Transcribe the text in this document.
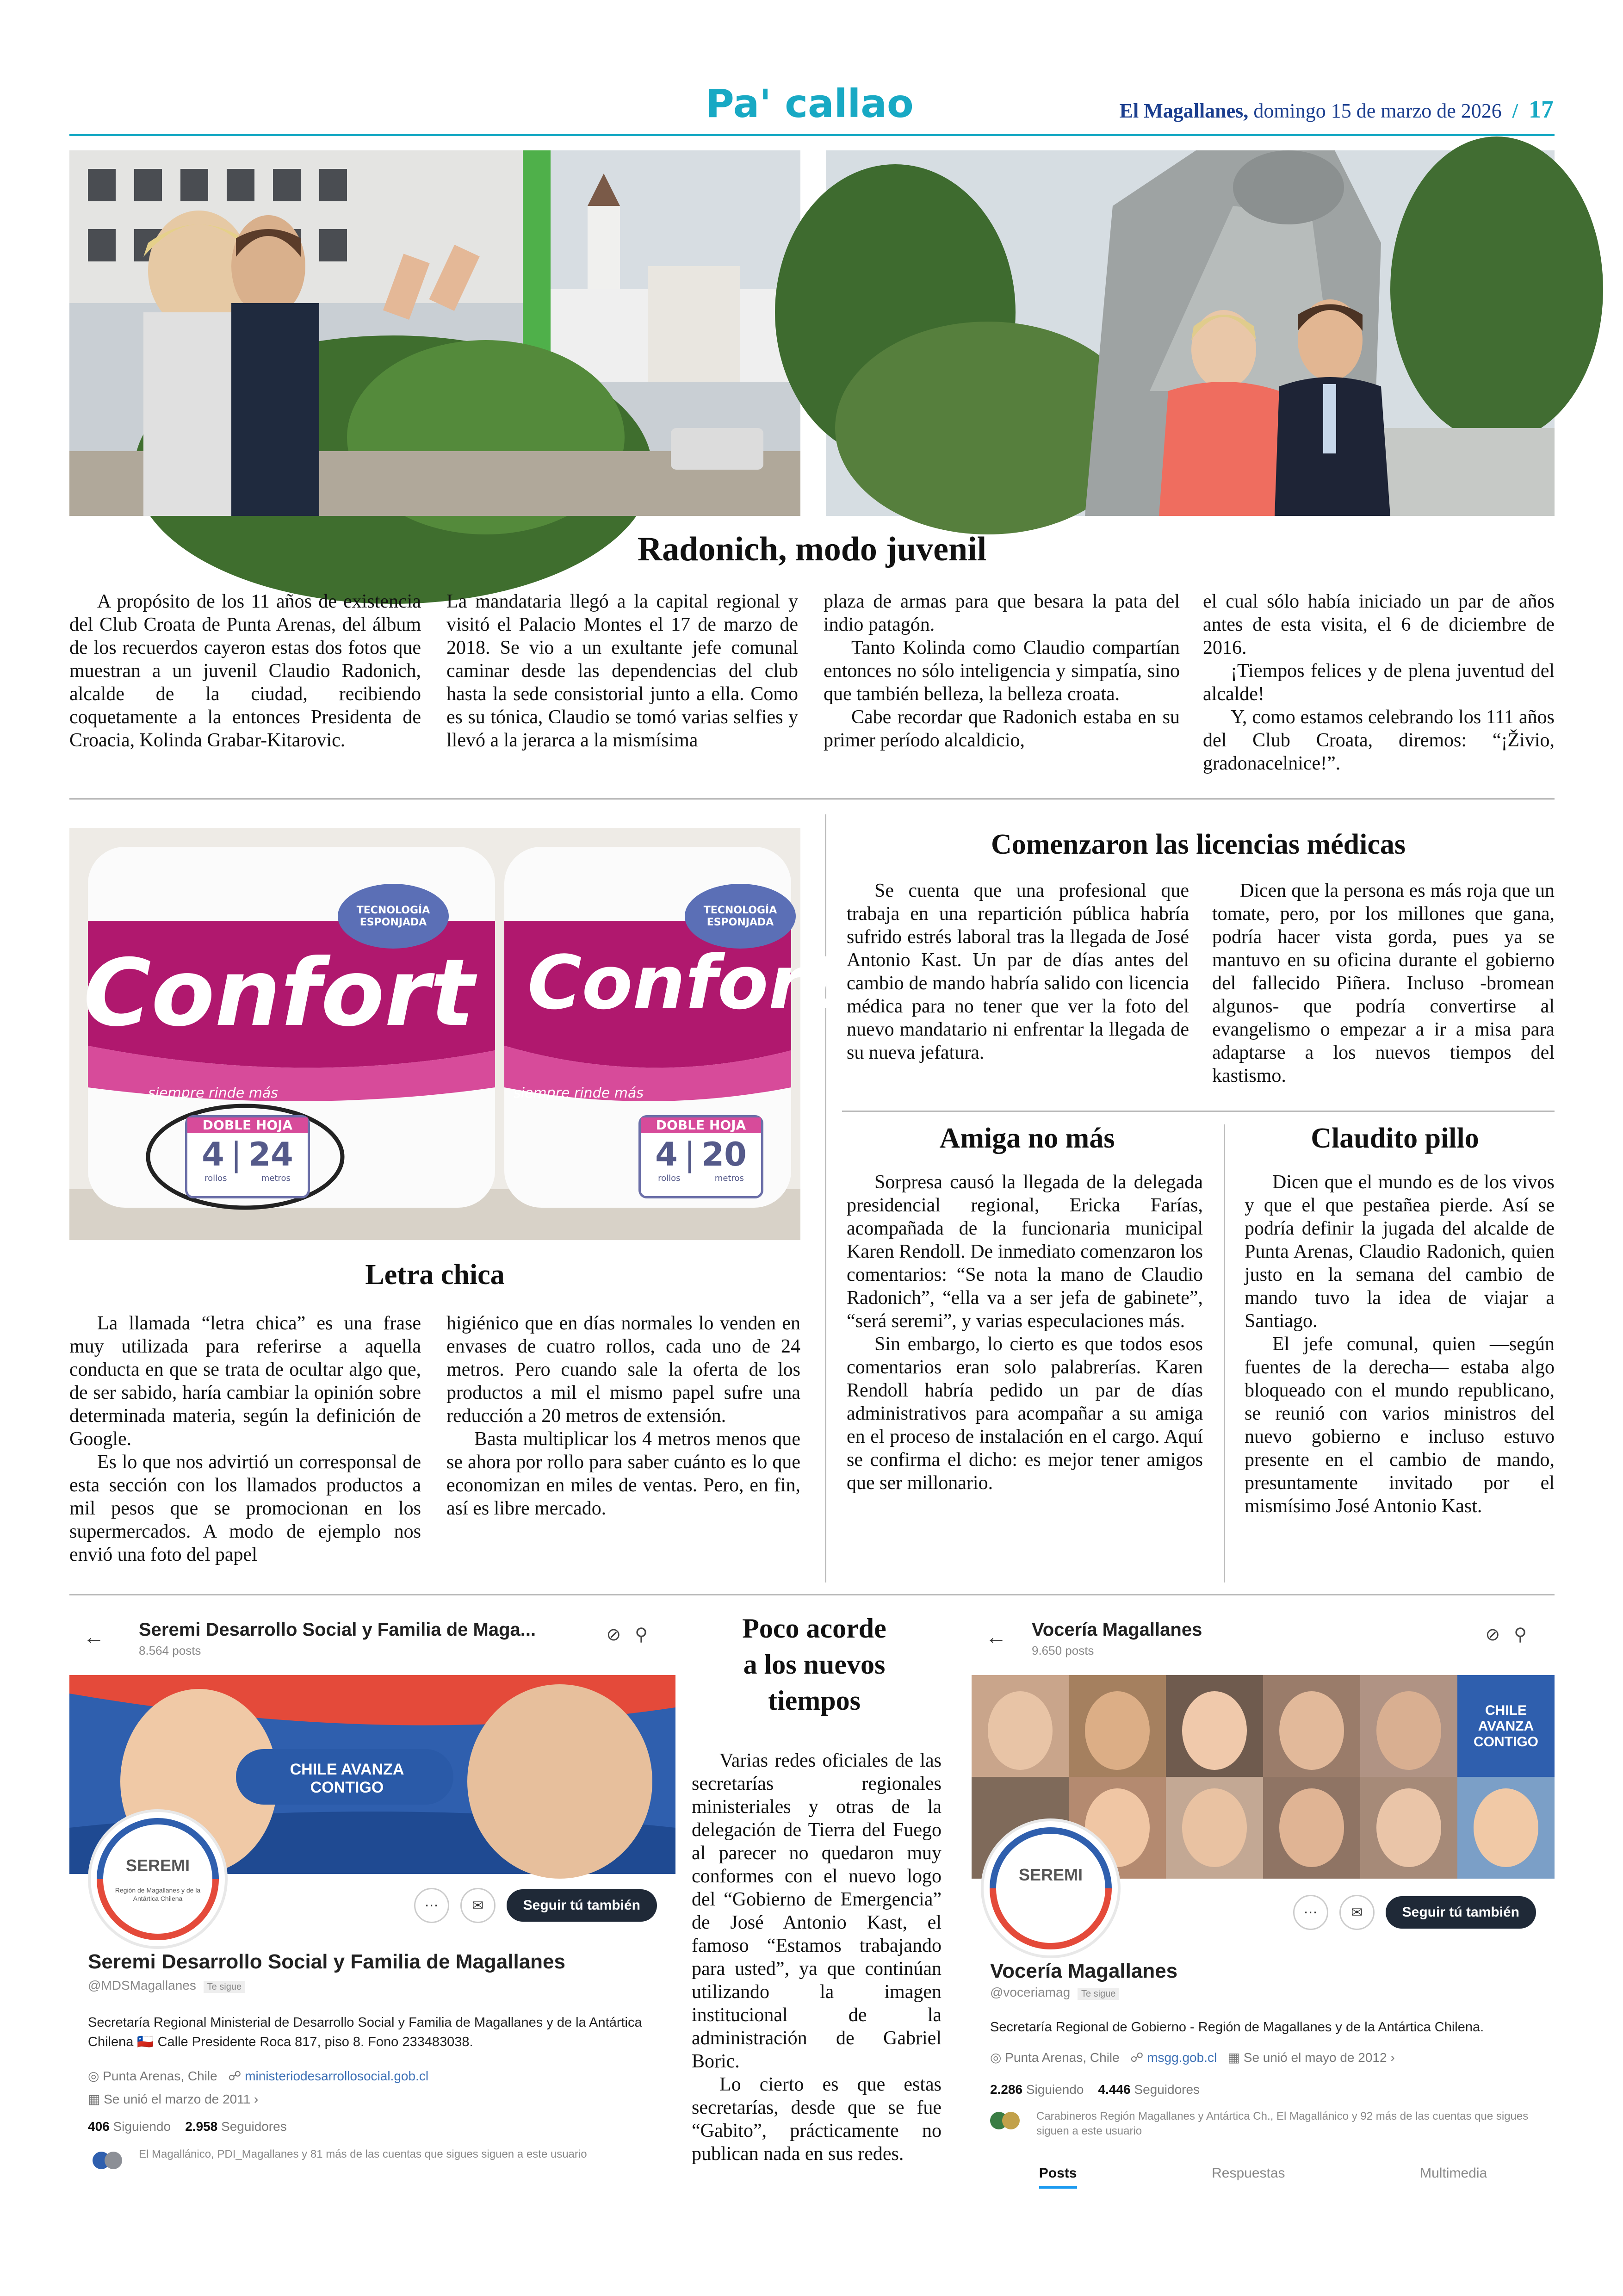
Pa' callao	El Magallanes, domingo 15 de marzo de 2026 / 17
Radonich, modo juvenil

A propósito de los 11 años de existencia del Club Croata de Punta Arenas, del álbum de los recuerdos cayeron estas dos fotos que muestran a un juvenil Claudio Radonich, alcalde de la ciudad, recibiendo coquetamente a la entonces Presidenta de Croacia, Kolinda Grabar-Kitarovic.

La mandataria llegó a la capital regional y visitó el Palacio Montes el 17 de marzo de 2018. Se vio a un exultante jefe comunal caminar desde las dependencias del club hasta la sede consistorial junto a ella. Como es su tónica, Claudio se tomó varias selfies y llevó a la jerarca a la mismísima

plaza de armas para que besara la pata del indio patagón.

Tanto Kolinda como Claudio compartían entonces no sólo inteligencia y simpatía, sino que también belleza, la belleza croata.

Cabe recordar que Radonich estaba en su primer período alcaldicio,

el cual sólo había iniciado un par de años antes de esta visita, el 6 de diciembre de 2016.

¡Tiempos felices y de plena juventud del alcalde!

Y, como estamos celebrando los 111 años del Club Croata, diremos: “¡Živio, gradonacelnice!”.

TECNOLOGÍA ESPONJADA
TECNOLOGÍA ESPONJADA
Confort Confort
siempre rinde más	siempre rinde más
DOBLE HOJA
4 | 24
rollos	metros
DOBLE HOJA
4 | 20
rollos	metros
Letra chica

La llamada “letra chica” es una frase muy utilizada para referirse a aquella conducta en que se trata de ocultar algo que, de ser sabido, haría cambiar la opinión sobre determinada materia, según la definición de Google.

Es lo que nos advirtió un corresponsal de esta sección con los llamados productos a mil pesos que se promocionan en los supermercados. A modo de ejemplo nos envió una foto del papel

higiénico que en días normales lo venden en envases de cuatro rollos, cada uno de 24 metros. Pero cuando sale la oferta de los productos a mil el mismo papel sufre una reducción a 20 metros de extensión.

Basta multiplicar los 4 metros menos que se ahora por rollo para saber cuánto es lo que economizan en miles de ventas. Pero, en fin, así es libre mercado.

Comenzaron las licencias médicas

Se cuenta que una profesional que trabaja en una repartición pública habría sufrido estrés laboral tras la llegada de José Antonio Kast. Un par de días antes del cambio de mando habría salido con licencia médica para no tener que ver la foto del nuevo mandatario ni enfrentar la llegada de su nueva jefatura.

Dicen que la persona es más roja que un tomate, pero, por los millones que gana, podría hacer vista gorda, pues ya se mantuvo en su oficina durante el gobierno del fallecido Piñera. Incluso -bromean algunos- que podría convertirse al evangelismo o empezar a ir a misa para adaptarse a los nuevos tiempos del kastismo.

Amiga no más

Sorpresa causó la llegada de la delegada presidencial regional, Ericka Farías, acompañada de la funcionaria municipal Karen Rendoll. De inmediato comenzaron los comentarios: “Se nota la mano de Claudio Radonich”, “ella va a ser jefa de gabinete”, “será seremi”, y varias especulaciones más.

Sin embargo, lo cierto es que todos esos comentarios eran solo palabrerías. Karen Rendoll habría pedido un par de días administrativos para acompañar a su amiga en el proceso de instalación en el cargo. Aquí se confirma el dicho: es mejor tener amigos que ser millonario.

Claudito pillo

Dicen que el mundo es de los vivos y que el que pestañea pierde. Así se podría definir la jugada del alcalde de Punta Arenas, Claudio Radonich, quien justo en la semana del cambio de mando tuvo la idea de viajar a Santiago.

El jefe comunal, quien —según fuentes de la derecha— estaba algo bloqueado con el mundo republicano, se reunió con varios ministros del nuevo gobierno e incluso estuvo presente en el cambio de mando, presuntamente invitado por el mismísimo José Antonio Kast.

Poco acorde
a los nuevos
tiempos

Varias redes oficiales de las secretarías regionales ministeriales y otras de la delegación de Tierra del Fuego al parecer no quedaron muy conformes con el nuevo logo del “Gobierno de Emergencia” de José Antonio Kast, el famoso “Estamos trabajando para usted”, ya que continúan utilizando la imagen institucional de la administración de Gabriel Boric.

Lo cierto es que estas secretarías, desde que se fue “Gabito”, prácticamente no publican nada en sus redes.

← Seremi Desarrollo Social y Familia de Maga...
8.564 posts
⊘⚲
CHILE AVANZA CONTIGO
SEREMI
Región de Magallanes y de la Antártica Chilena	⋯	✉	Seguir tú también
Seremi Desarrollo Social y Familia de Magallanes
@MDSMagallanes Te sigue
Secretaría Regional Ministerial de Desarrollo Social y Familia de Magallanes y de la Antártica Chilena 🇨🇱 Calle Presidente Roca 817, piso 8. Fono 233483038.
◎ Punta Arenas, Chile ☍ ministeriodesarrollosocial.gob.cl
▦ Se unió el marzo de 2011 ›
406 Siguiendo 2.958 Seguidores
El Magallánico, PDI_Magallanes y 81 más de las cuentas que sigues siguen a este usuario
← Vocería Magallanes
9.650 posts
⊘⚲
CHILE AVANZA CONTIGO
SEREMI
⋯	✉	Seguir tú también
Vocería Magallanes
@voceriamag Te sigue
Secretaría Regional de Gobierno - Región de Magallanes y de la Antártica Chilena.
◎ Punta Arenas, Chile ☍ msgg.gob.cl ▦ Se unió el mayo de 2012 ›
2.286 Siguiendo 4.446 Seguidores
Carabineros Región Magallanes y Antártica Ch., El Magallánico y 92 más de las cuentas que sigues siguen a este usuario
Posts	Respuestas	Multimedia
